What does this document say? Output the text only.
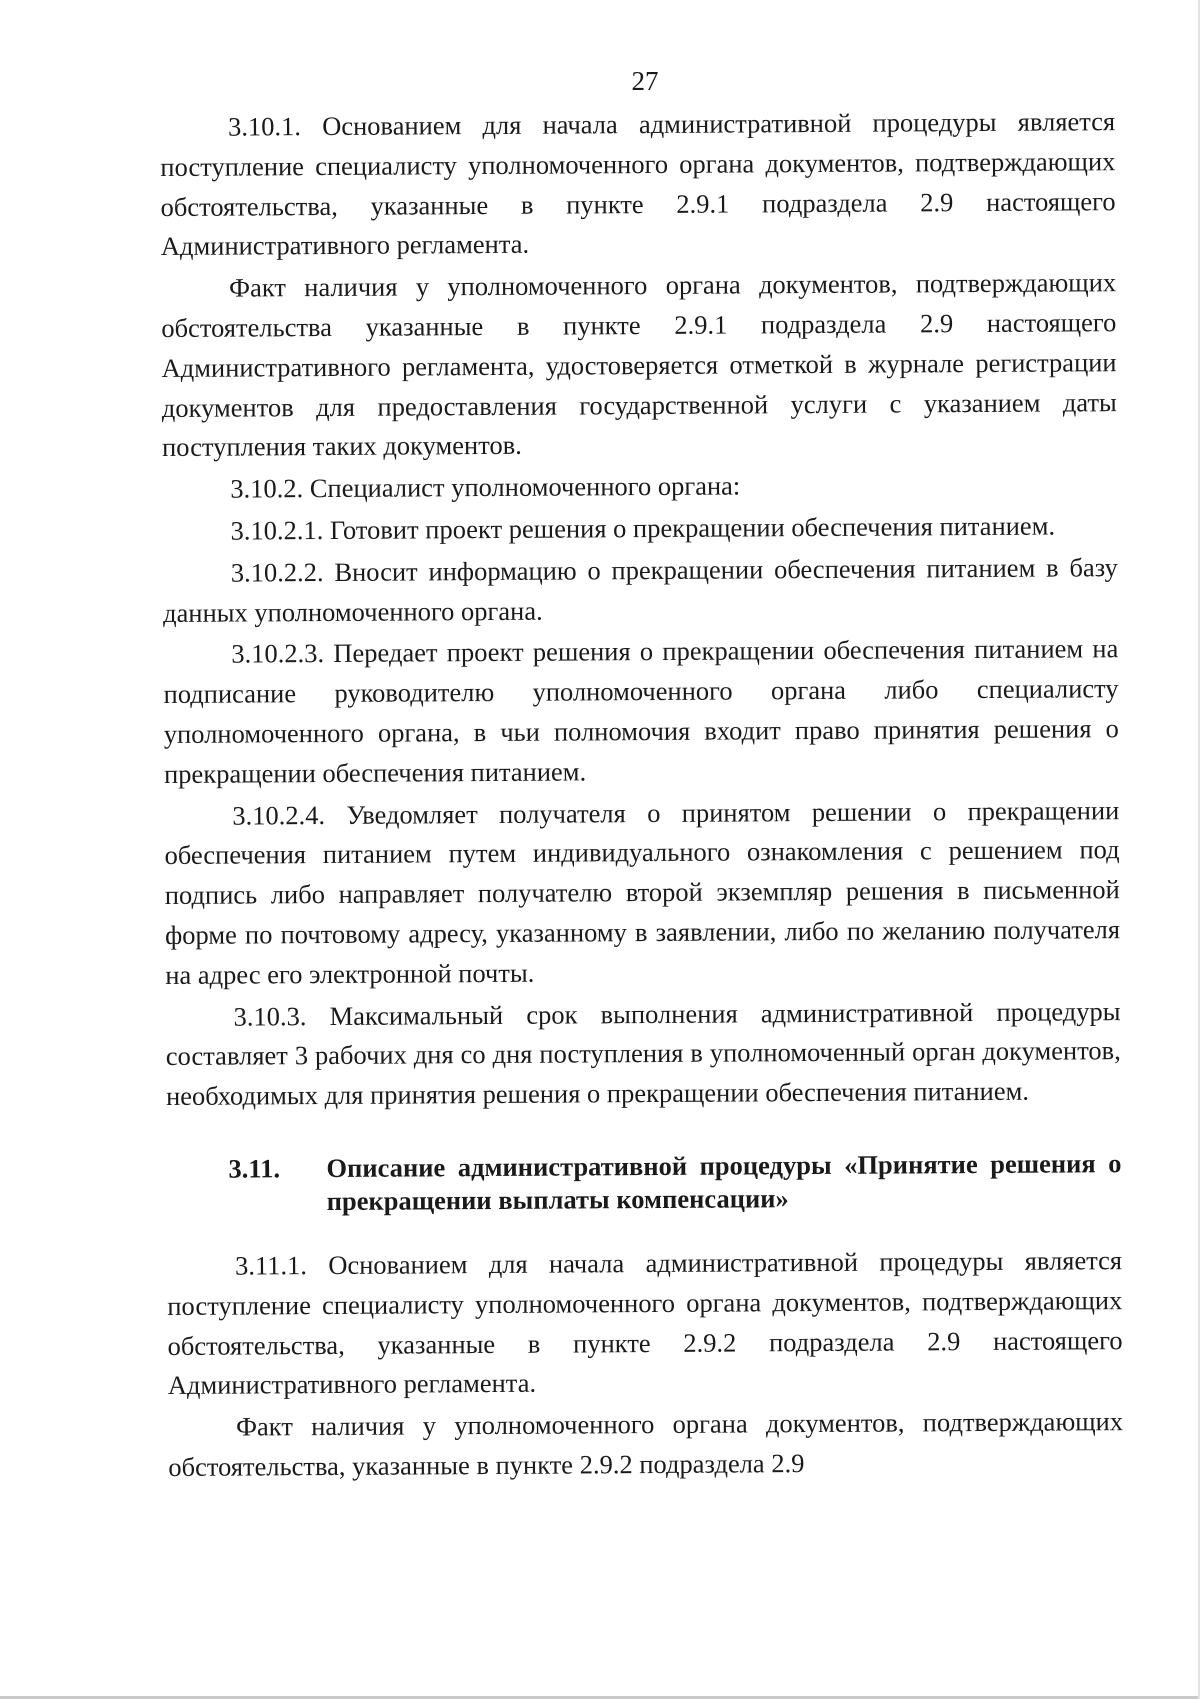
27

3.10.1. Основанием для начала административной процедуры является поступление специалисту уполномоченного органа документов, подтверждающих обстоятельства, указанные в пункте 2.9.1 подраздела 2.9 настоящего Административного регламента.

Факт наличия у уполномоченного органа документов, подтверждающих обстоятельства указанные в пункте 2.9.1 подраздела 2.9 настоящего Административного регламента, удостоверяется отметкой в журнале регистрации документов для предоставления государственной услуги с указанием даты поступления таких документов.

3.10.2. Специалист уполномоченного органа:

3.10.2.1. Готовит проект решения о прекращении обеспечения питанием.

3.10.2.2. Вносит информацию о прекращении обеспечения питанием в базу данных уполномоченного органа.

3.10.2.3. Передает проект решения о прекращении обеспечения питанием на подписание руководителю уполномоченного органа либо специалисту уполномоченного органа, в чьи полномочия входит право принятия решения о прекращении обеспечения питанием.

3.10.2.4. Уведомляет получателя о принятом решении о прекращении обеспечения питанием путем индивидуального ознакомления с решением под подпись либо направляет получателю второй экземпляр решения в письменной форме по почтовому адресу, указанному в заявлении, либо по желанию получателя на адрес его электронной почты.

3.10.3. Максимальный срок выполнения административной процедуры составляет 3 рабочих дня со дня поступления в уполномоченный орган документов, необходимых для принятия решения о прекращении обеспечения питанием.

3.11.	Описание административной процедуры «Принятие решения о прекращении выплаты компенсации»

3.11.1. Основанием для начала административной процедуры является поступление специалисту уполномоченного органа документов, подтверждающих обстоятельства, указанные в пункте 2.9.2 подраздела 2.9 настоящего Административного регламента.

Факт наличия у уполномоченного органа документов, подтверждающих обстоятельства, указанные в пункте 2.9.2 подраздела 2.9
